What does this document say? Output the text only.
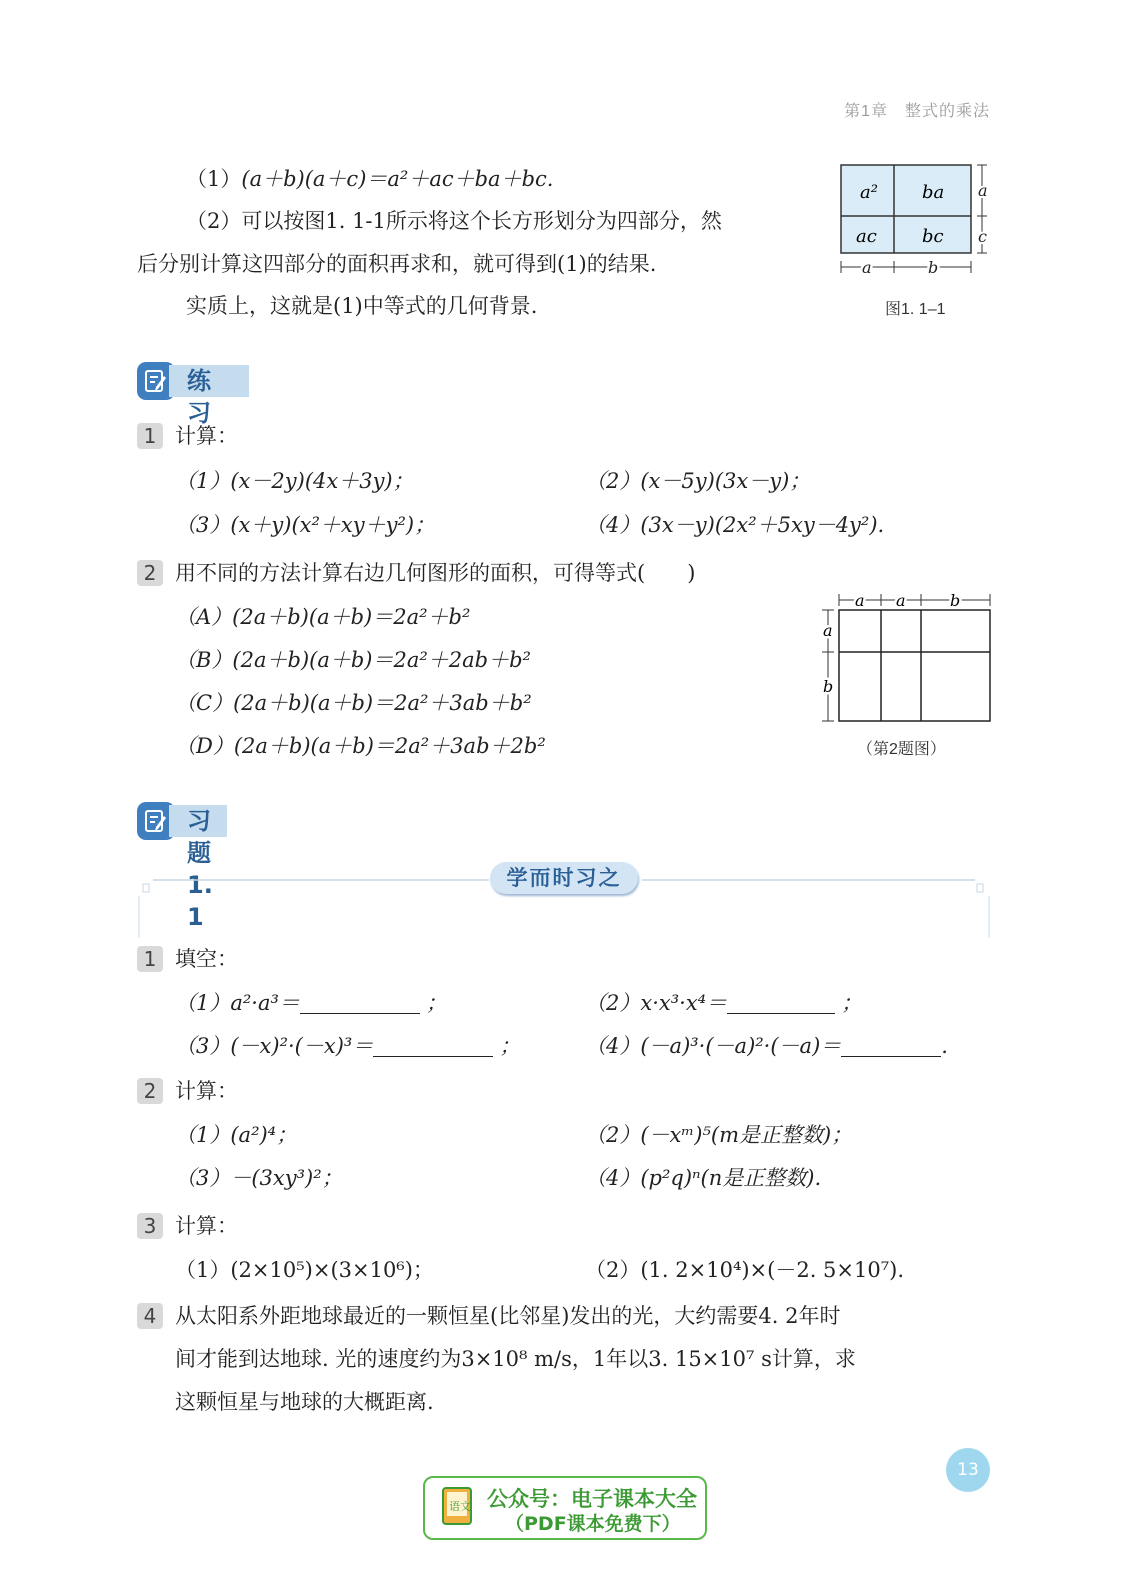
第1章　整式的乘法
（1）(a＋b)(a＋c)＝a²＋ac＋ba＋bc.
（2）可以按图1. 1-1所示将这个长方形划分为四部分，然
后分别计算这四部分的面积再求和，就可得到(1)的结果.
实质上，这就是(1)中等式的几何背景.
a² ba
ac	bc
a
c
a	b
图1. 1–1
练　习
1 计算：
（1）(x－2y)(4x＋3y)；	（2）(x－5y)(3x－y)；
（3）(x＋y)(x²＋xy＋y²)；	（4）(3x－y)(2x²＋5xy－4y²).
2 用不同的方法计算右边几何图形的面积，可得等式(　　)
（A）(2a＋b)(a＋b)＝2a²＋b²
（B）(2a＋b)(a＋b)＝2a²＋2ab＋b²
（C）(2a＋b)(a＋b)＝2a²＋3ab＋b²
（D）(2a＋b)(a＋b)＝2a²＋3ab＋2b²
a a	b
a
b
（第2题图）
习题1. 1
学而时习之
1 填空：
（1）a²·a³＝	；	（2）x·x³·x⁴＝	；
（3）(－x)²·(－x)³＝	；	（4）(－a)³·(－a)²·(－a)＝	.
2 计算：
（1）(a²)⁴；	（2）(－xᵐ)⁵(m是正整数)；
（3）－(3xy³)²；	（4）(p²q)ⁿ(n是正整数).
3 计算：
（1）(2×10⁵)×(3×10⁶)；	（2）(1. 2×10⁴)×(－2. 5×10⁷).
4 从太阳系外距地球最近的一颗恒星(比邻星)发出的光，大约需要4. 2年时
间才能到达地球. 光的速度约为3×10⁸ m/s，1年以3. 15×10⁷ s计算，求
这颗恒星与地球的大概距离.
13
语文 公众号：电子课本大全
（PDF课本免费下）
